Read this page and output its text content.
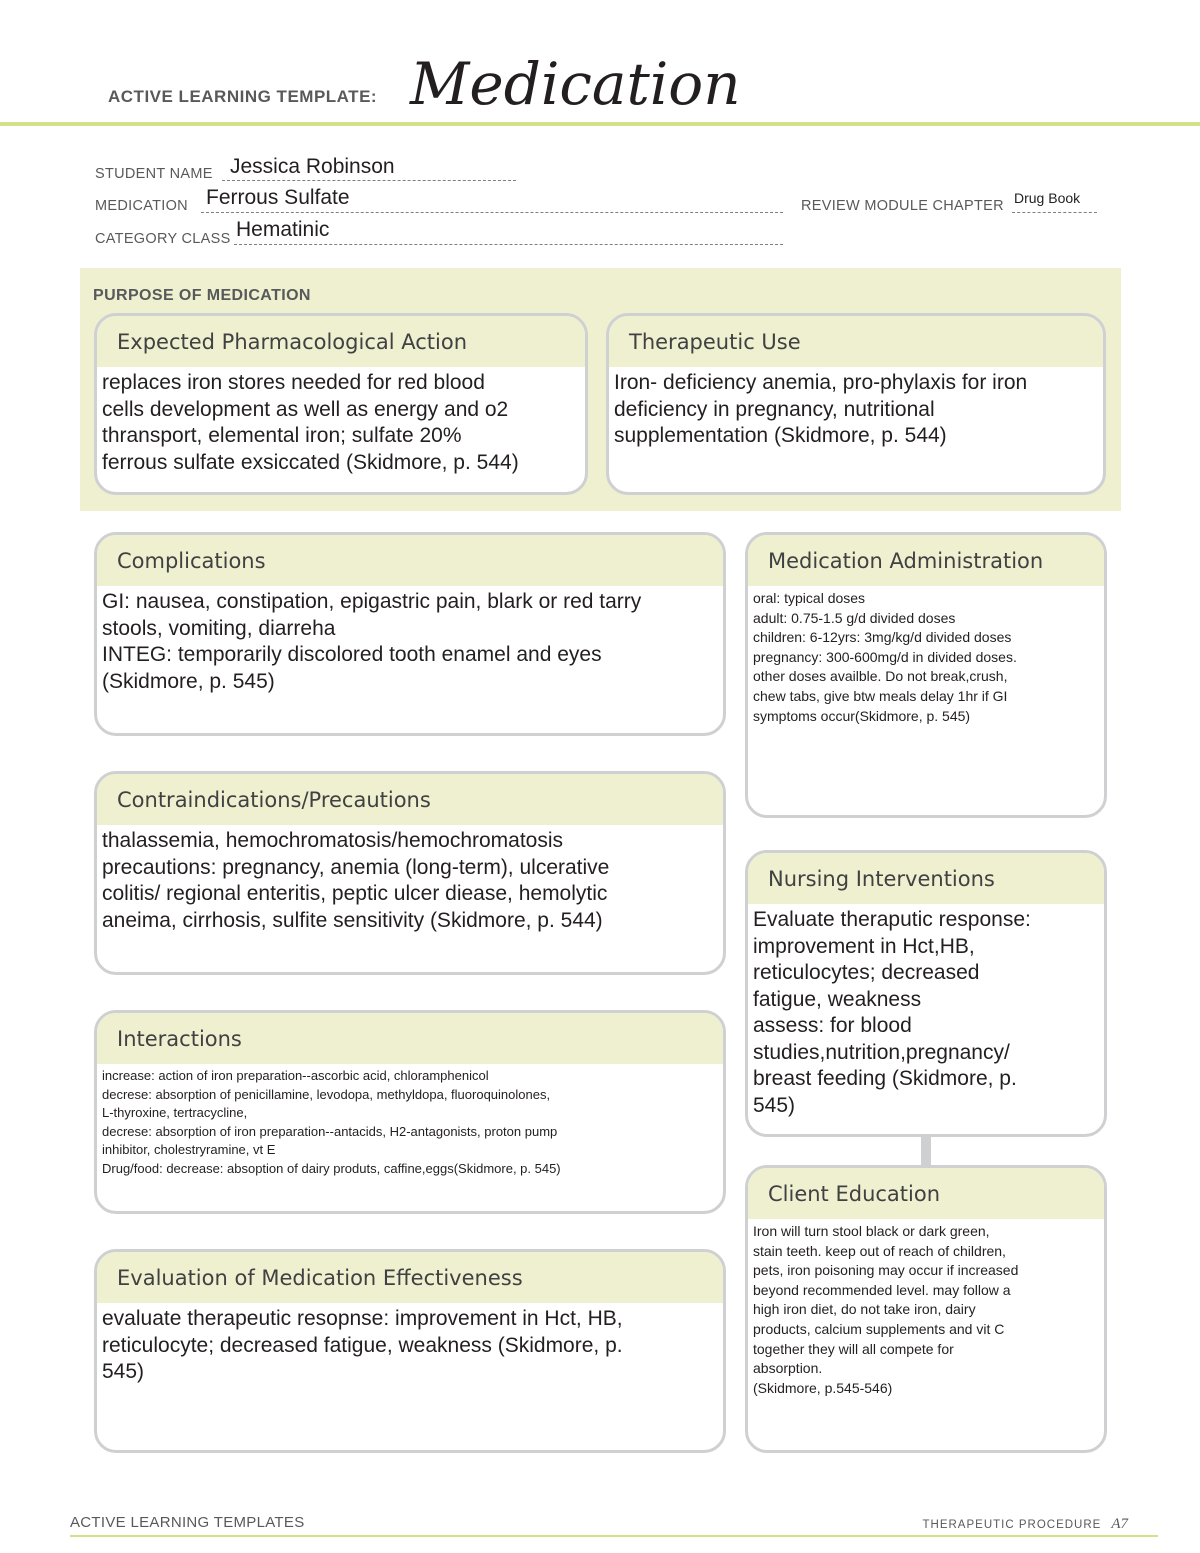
ACTIVE LEARNING TEMPLATE: Medication
STUDENT NAME Jessica Robinson
MEDICATION Ferrous Sulfate	REVIEW MODULE CHAPTER Drug Book
CATEGORY CLASS Hematinic
PURPOSE OF MEDICATION
Expected Pharmacological Action
replaces iron stores needed for red blood
cells development as well as energy and o2
thransport, elemental iron; sulfate 20%
ferrous sulfate exsiccated (Skidmore, p. 544)
Therapeutic Use
Iron- deficiency anemia, pro-phylaxis for iron
deficiency in pregnancy, nutritional
supplementation (Skidmore, p. 544)
Complications
GI: nausea, constipation, epigastric pain, blark or red tarry
stools, vomiting, diarreha
INTEG: temporarily discolored tooth enamel and eyes
(Skidmore, p. 545)
Contraindications/Precautions
thalassemia, hemochromatosis/hemochromatosis
precautions: pregnancy, anemia (long-term), ulcerative
colitis/ regional enteritis, peptic ulcer diease, hemolytic
aneima, cirrhosis, sulfite sensitivity (Skidmore, p. 544)
Interactions
increase: action of iron preparation--ascorbic acid, chloramphenicol
decrese: absorption of penicillamine, levodopa, methyldopa, fluoroquinolones,
L-thyroxine, tertracycline,
decrese: absorption of iron preparation--antacids, H2-antagonists, proton pump
inhibitor, cholestryramine, vt E
Drug/food: decrease: absoption of dairy produts, caffine,eggs(Skidmore, p. 545)
Evaluation of Medication Effectiveness
evaluate therapeutic resopnse: improvement in Hct, HB,
reticulocyte; decreased fatigue, weakness (Skidmore, p.
545)
Medication Administration
oral: typical doses
adult: 0.75-1.5 g/d divided doses
children: 6-12yrs: 3mg/kg/d divided doses
pregnancy: 300-600mg/d in divided doses.
other doses availble. Do not break,crush,
chew tabs, give btw meals delay 1hr if GI
symptoms occur(Skidmore, p. 545)
Nursing Interventions
Evaluate theraputic response:
improvement in Hct,HB,
reticulocytes; decreased
fatigue, weakness
assess: for blood
studies,nutrition,pregnancy/
breast feeding (Skidmore, p.
545)
Client Education
Iron will turn stool black or dark green,
stain teeth. keep out of reach of children,
pets, iron poisoning may occur if increased
beyond recommended level. may follow a
high iron diet, do not take iron, dairy
products, calcium supplements and vit C
together they will all compete for
absorption.
(Skidmore, p.545-546)
ACTIVE LEARNING TEMPLATES	THERAPEUTIC PROCEDURE A7
